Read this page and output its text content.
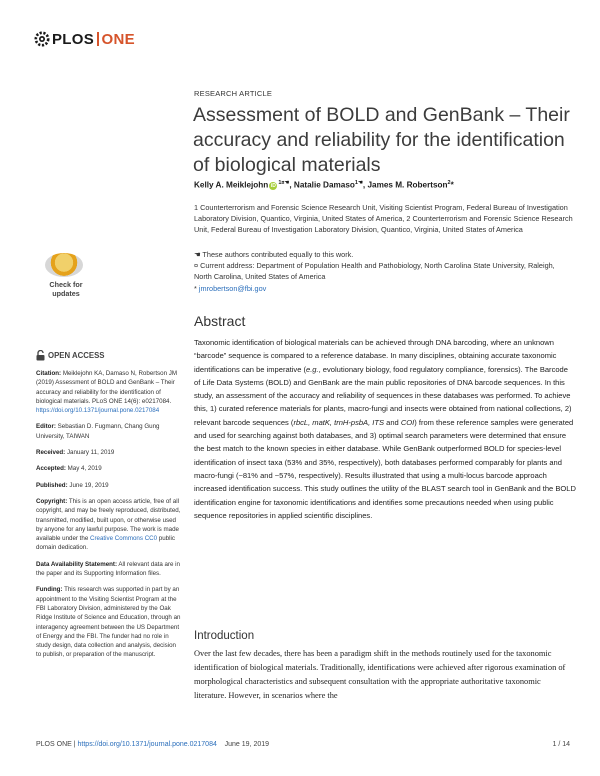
PLOS ONE
RESEARCH ARTICLE
Assessment of BOLD and GenBank – Their accuracy and reliability for the identification of biological materials
Kelly A. Meiklejohn iD $^{1¤☚}$, Natalie Damaso$^{1☚}$, James M. Robertson$^2$*
1 Counterterrorism and Forensic Science Research Unit, Visiting Scientist Program, Federal Bureau of Investigation Laboratory Division, Quantico, Virginia, United States of America, 2 Counterterrorism and Forensic Science Research Unit, Federal Bureau of Investigation Laboratory Division, Quantico, Virginia, United States of America

☚ These authors contributed equally to this work.

¤ Current address: Department of Population Health and Pathobiology, North Carolina State University, Raleigh, North Carolina, United States of America

* jmrobertson@fbi.gov

Check for
updates

OPEN ACCESS

Citation: Meiklejohn KA, Damaso N, Robertson JM (2019) Assessment of BOLD and GenBank – Their accuracy and reliability for the identification of biological materials. PLoS ONE 14(6): e0217084. https://doi.org/10.1371/journal.pone.0217084

Editor: Sebastian D. Fugmann, Chang Gung University, TAIWAN

Received: January 11, 2019

Accepted: May 4, 2019

Published: June 19, 2019

Copyright: This is an open access article, free of all copyright, and may be freely reproduced, distributed, transmitted, modified, built upon, or otherwise used by anyone for any lawful purpose. The work is made available under the Creative Commons CC0 public domain dedication.

Data Availability Statement: All relevant data are in the paper and its Supporting Information files.

Funding: This research was supported in part by an appointment to the Visiting Scientist Program at the FBI Laboratory Division, administered by the Oak Ridge Institute of Science and Education, through an interagency agreement between the US Department of Energy and the FBI. The funder had no role in study design, data collection and analysis, decision to publish, or preparation of the manuscript.

Abstract

Taxonomic identification of biological materials can be achieved through DNA barcoding, where an unknown “barcode” sequence is compared to a reference database. In many disciplines, obtaining accurate taxonomic identifications can be imperative (e.g., evolutionary biology, food regulatory compliance, forensics). The Barcode of Life Data Systems (BOLD) and GenBank are the main public repositories of DNA barcode sequences. In this study, an assessment of the accuracy and reliability of sequences in these databases was performed. To achieve this, 1) curated reference materials for plants, macro-fungi and insects were obtained from national collections, 2) relevant barcode sequences (rbcL, matK, trnH-psbA, ITS and COI) from these reference samples were generated and used for searching against both databases, and 3) optimal search parameters were determined that ensure the best match to the known species in either database. While GenBank outperformed BOLD for species-level identification of insect taxa (53% and 35%, respectively), both databases performed comparably for plants and macro-fungi (~81% and ~57%, respectively). Results illustrated that using a multi-locus barcode approach increased identification success. This study outlines the utility of the BLAST search tool in GenBank and the BOLD identification engine for taxonomic identifications and identifies some precautions needed when using public sequence repositories in applied scientific disciplines.

Introduction

Over the last few decades, there has been a paradigm shift in the methods routinely used for the taxonomic identification of biological materials. Traditionally, identifications were achieved after rigorous examination of morphological characteristics and subsequent consultation with the appropriate authoritative taxonomic literature. However, in scenarios where the

PLOS ONE | https://doi.org/10.1371/journal.pone.0217084    June 19, 2019	1 / 14
